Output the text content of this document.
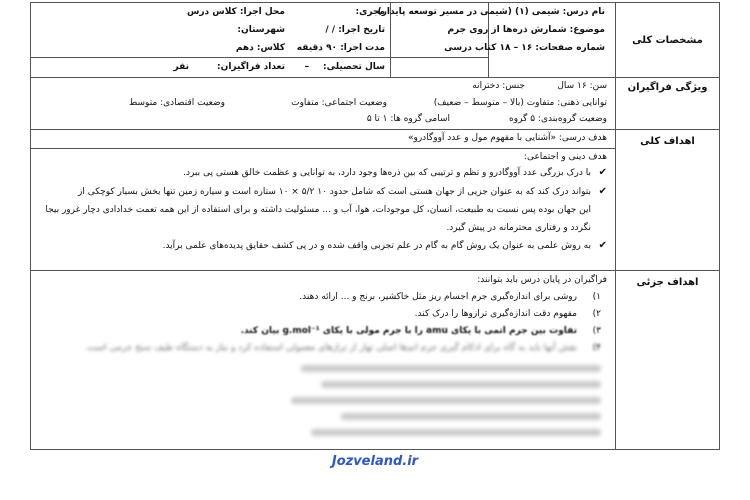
مشخصات کلی
نام درس: شیمی (۱) (شیمی در مسیر توسعه پایدار)
موضوع: شمارش ذره‌ها از روی جرم
شماره صفحات: ۱۶ – ۱۸ کتاب درسی
مجری:
تاریخ اجرا: / /
مدت اجرا: ۹۰ دقیقه
سال تحصیلی:
–
محل اجرا: کلاس درس
شهرستان:
کلاس: دهم
تعداد فراگیران:
نفر
ویژگی فراگیران
سن: ۱۶ سال
جنس: دخترانه
توانایی ذهنی: متفاوت (بالا – متوسط – ضعیف)
وضعیت اجتماعی: متفاوت
وضعیت اقتصادی: متوسط
وضعیت گروه‌بندی: ۵ گروه
اسامی گروه ها: ۱ تا ۵
اهداف کلی
هدف درسی: «آشنایی با مفهوم مول و عدد آووگادرو»
هدف دینی و اجتماعی:
✔
با درک بزرگی عدد آووگادرو و تظم و ترتیبی که بین ذره‌ها وجود دارد، به توانایی و عظمت خالق هستی پی ببرد.
✔
بتواند درک کند که به عنوان جزیی از جهان هستی است که شامل حدود ۱۰ ۵/۲ × ۱۰ ستاره است و سیاره زمین تنها بخش بسیار کوچکی از
این جهان بوده پس نسبت به طبیعت، انسان، کل موجودات، هوا، آب و ... مسئولیت داشته و برای استفاده از این همه تعمت خدادادی دچار غرور بیجا
نگردد و رفتاری محترمانه در پیش گیرد.
✔
به روش علمی به عنوان یک روش گام به گام در علم تجربی واقف شده و در پی کشف حقایق پدیده‌های علمی برآید.
اهداف جزئی
فراگیران در پایان درس باید بتوانند:
۱)
روشی برای اندازه‌گیری جرم اجسام ریز مثل خاکشیر، برنج و ... ارائه دهند.
۲)
مفهوم دقت اندازه‌گیری ترازوها را درک کند.
۳)
تفاوت بین جرم اتمی با یکای amu را با جرم مولی با یکای g.mol⁻¹ بیان کند.
۴)
نقش آنها باید به گاه برای ادکام گیری جرم اتم‌ها اصلی تهار از تراز‌های معمولی استفاده کرد و نیاز به دستگاه طیف سنج جرمی است.
Jozveland.ir
